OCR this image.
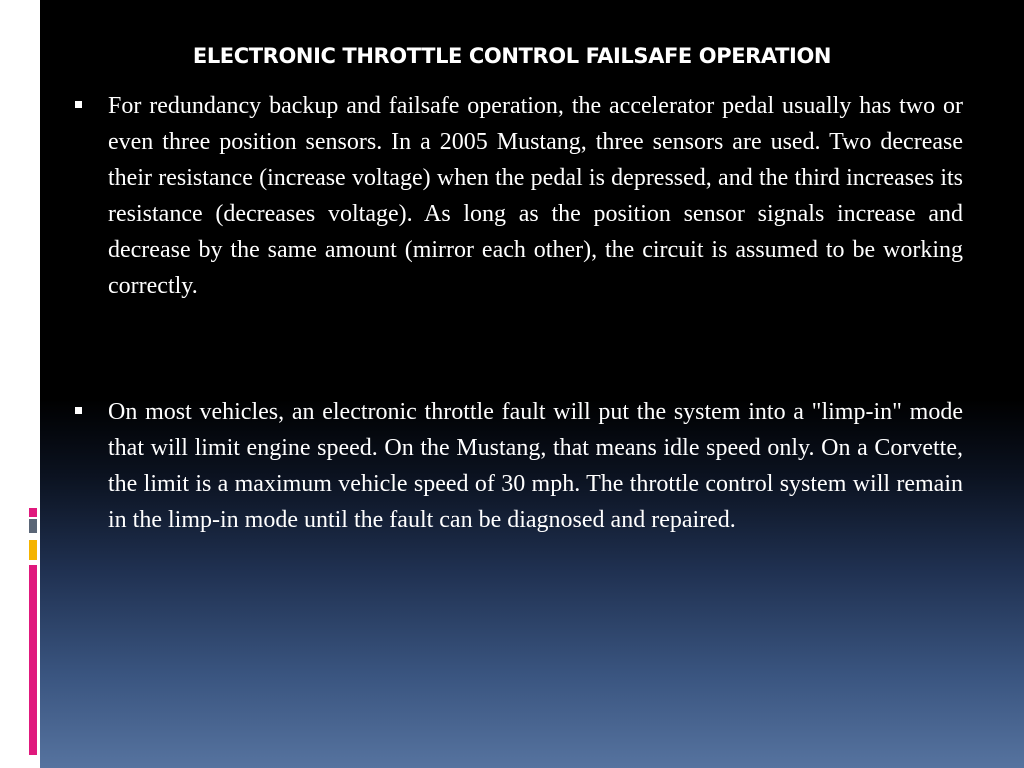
ELECTRONIC THROTTLE CONTROL FAILSAFE OPERATION

For redundancy backup and failsafe operation, the accelerator pedal usually has two or even three position sensors. In a 2005 Mustang, three sensors are used. Two decrease their resistance (increase voltage) when the pedal is depressed, and the third increases its resistance (decreases voltage). As long as the position sensor signals increase and decrease by the same amount (mirror each other), the circuit is assumed to be working correctly.

On most vehicles, an electronic throttle fault will put the system into a "limp-in" mode that will limit engine speed. On the Mustang, that means idle speed only. On a Corvette, the limit is a maximum vehicle speed of 30 mph. The throttle control system will remain in the limp-in mode until the fault can be diagnosed and repaired.
